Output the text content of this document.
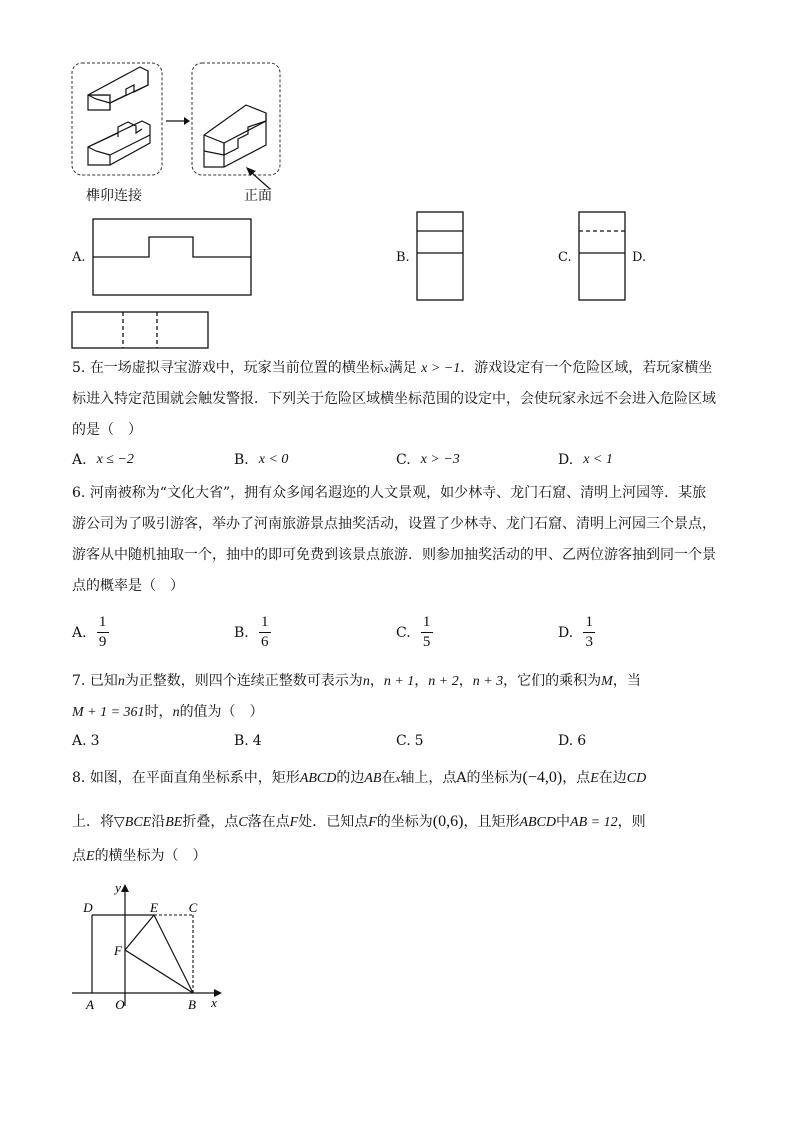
榫卯连接	正面
A.	B.	C.	D.
5. 在一场虚拟寻宝游戏中，玩家当前位置的横坐标x满足 x > −1．游戏设定有一个危险区域，若玩家横坐
标进入特定范围就会触发警报．下列关于危险区域横坐标范围的设定中，会使玩家永远不会进入危险区域
的是（　）
A. x ≤ −2	B. x < 0	C. x > −3	D. x < 1
6. 河南被称为“文化大省”，拥有众多闻名遐迩的人文景观，如少林寺、龙门石窟、清明上河园等．某旅
游公司为了吸引游客，举办了河南旅游景点抽奖活动，设置了少林寺、龙门石窟、清明上河园三个景点，
游客从中随机抽取一个，抽中的即可免费到该景点旅游．则参加抽奖活动的甲、乙两位游客抽到同一个景
点的概率是（　）
A. $\frac{1}{9}$	B. $\frac{1}{6}$	C. $\frac{1}{5}$	D. $\frac{1}{3}$
7. 已知n为正整数，则四个连续正整数可表示为n，n + 1，n + 2，n + 3，它们的乘积为M，当
M + 1 = 361时，n的值为（　）
A. 3	B. 4	C. 5	D. 6
8. 如图，在平面直角坐标系中，矩形ABCD的边AB在x轴上，点A的坐标为(−4,0)，点E在边CD
上．将▽BCE沿BE折叠，点C落在点F处．已知点F的坐标为(0,6)，且矩形ABCD中AB = 12，则
点E的横坐标为（　）
D	E C
F
A O	B x
y
